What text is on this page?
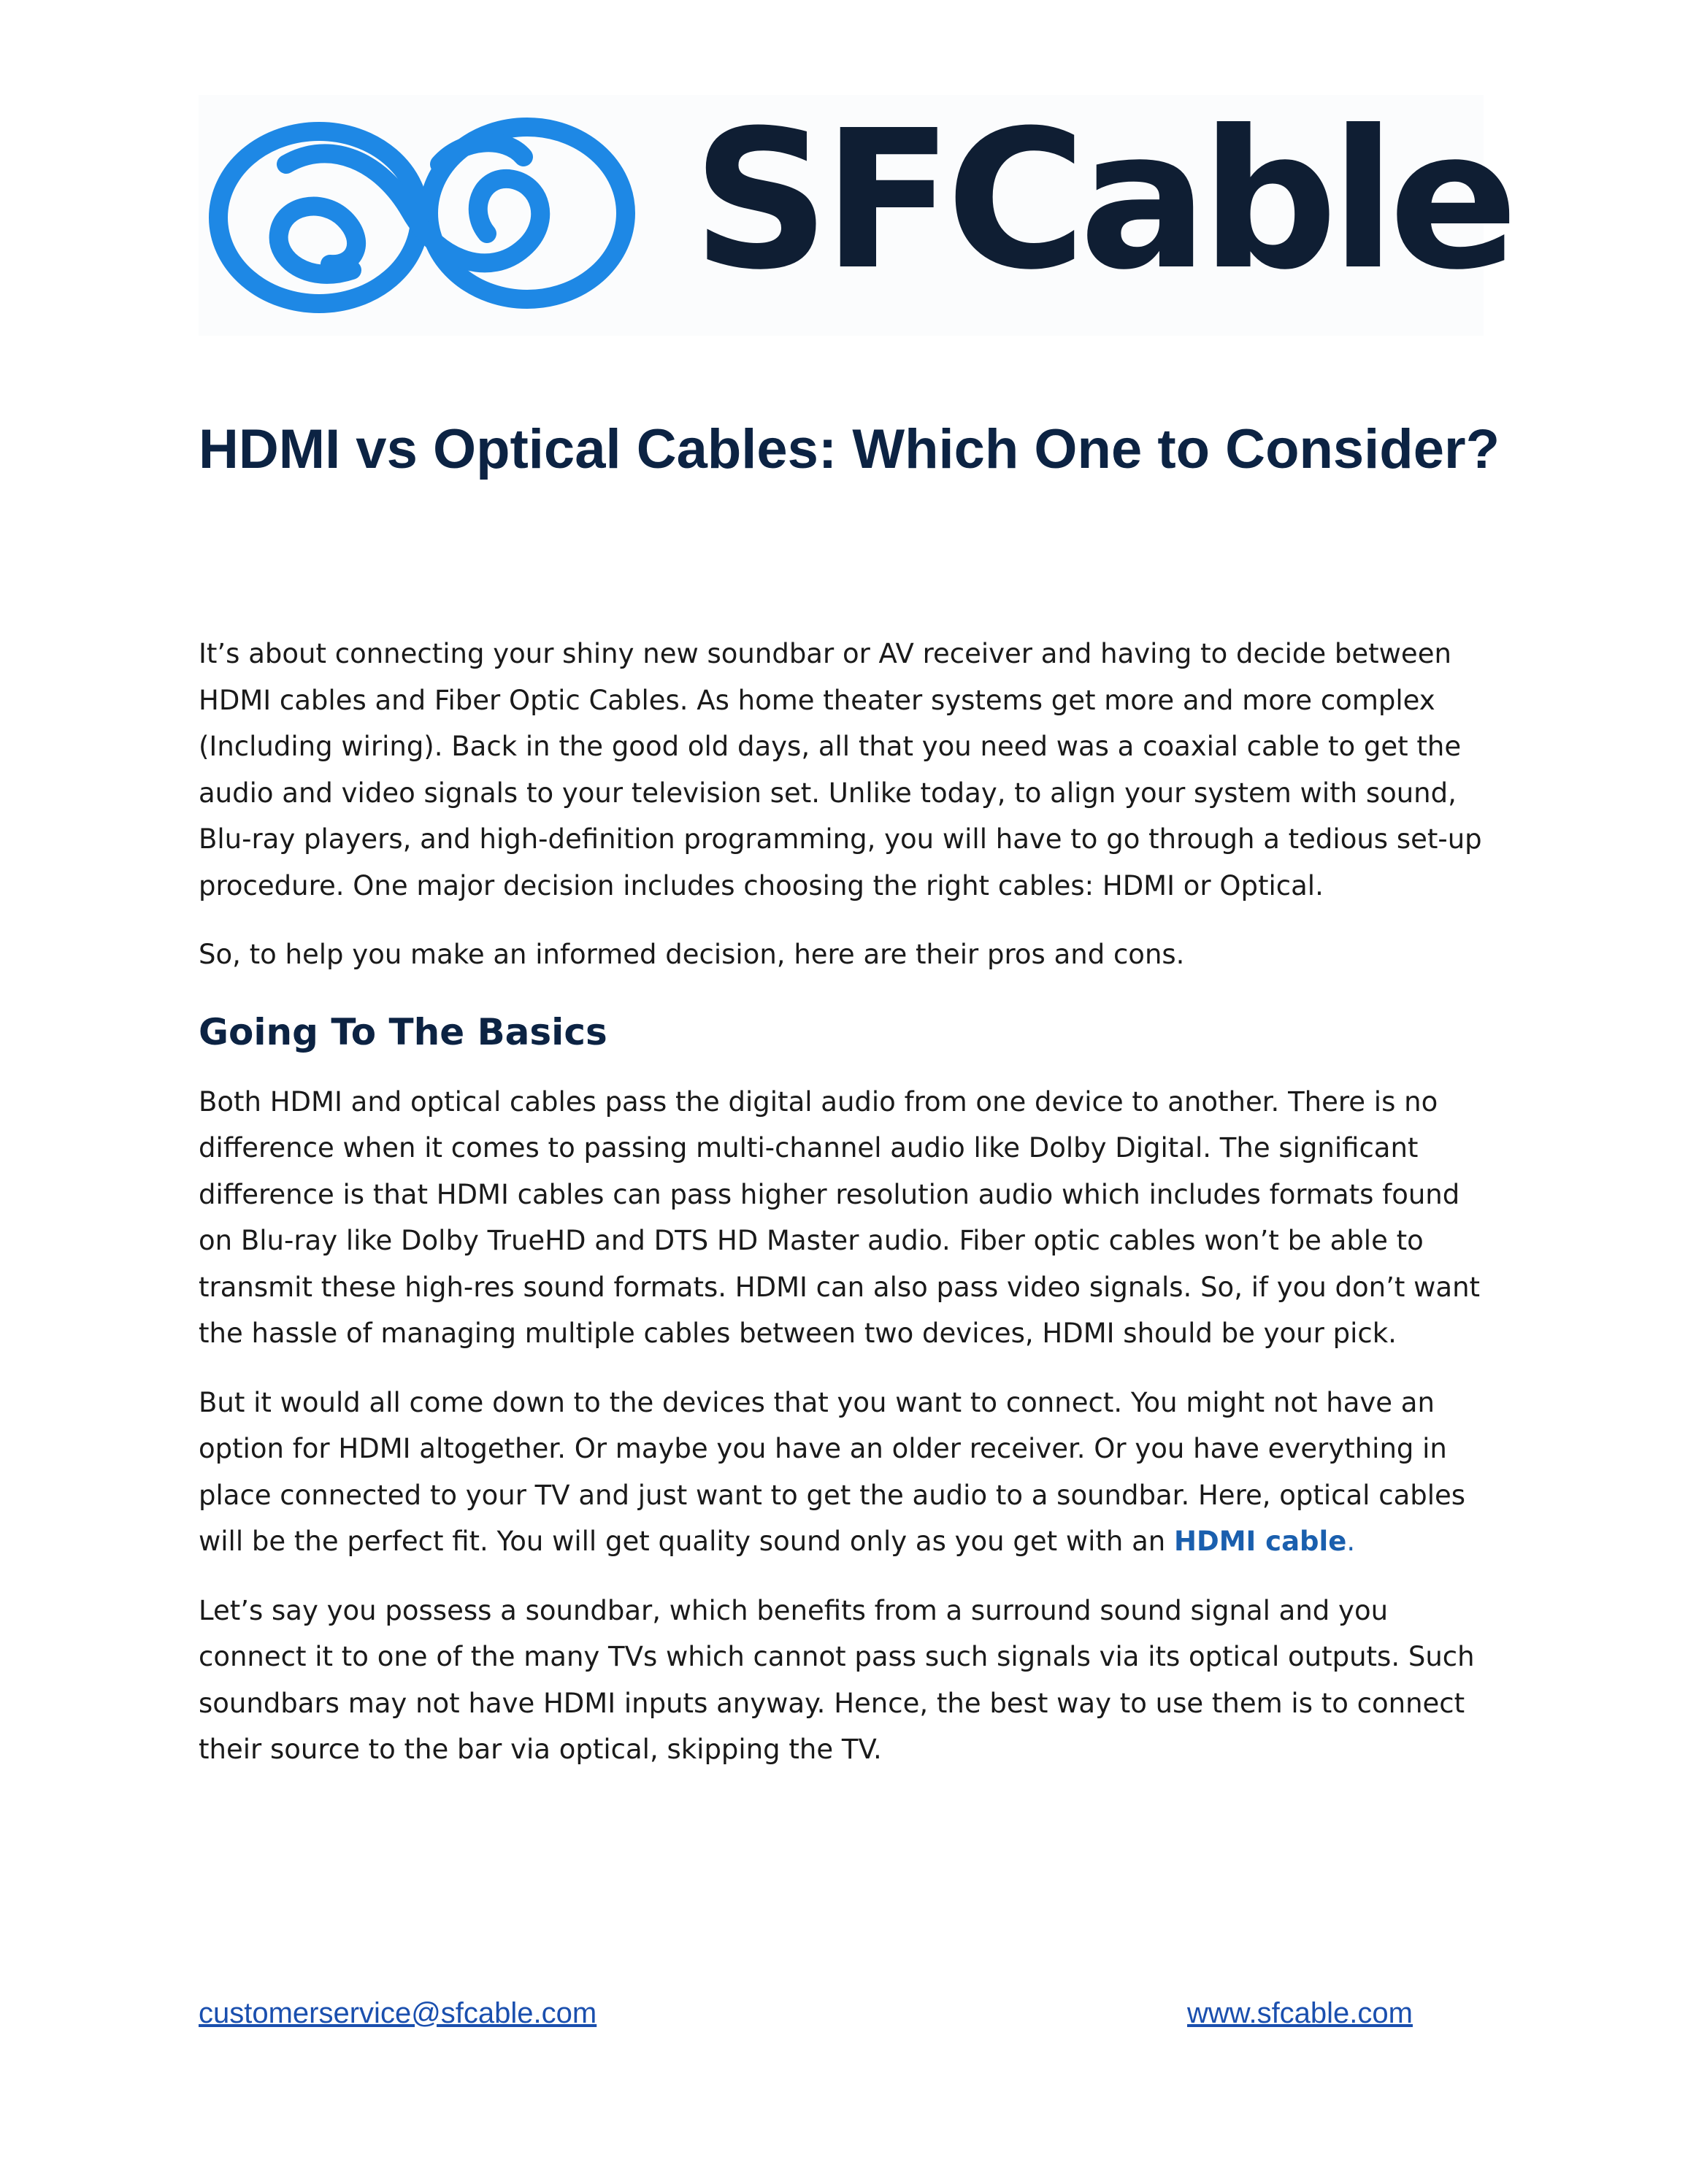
SFCable
HDMI vs Optical Cables: Which One to Consider?

It’s about connecting your shiny new soundbar or AV receiver and having to decide between HDMI cables and Fiber Optic Cables. As home theater systems get more and more complex (Including wiring). Back in the good old days, all that you need was a coaxial cable to get the audio and video signals to your television set. Unlike today, to align your system with sound, Blu-ray players, and high-definition programming, you will have to go through a tedious set-up procedure. One major decision includes choosing the right cables: HDMI or Optical.

So, to help you make an informed decision, here are their pros and cons.

Going To The Basics

Both HDMI and optical cables pass the digital audio from one device to another. There is no difference when it comes to passing multi-channel audio like Dolby Digital. The significant difference is that HDMI cables can pass higher resolution audio which includes formats found on Blu-ray like Dolby TrueHD and DTS HD Master audio. Fiber optic cables won’t be able to transmit these high-res sound formats. HDMI can also pass video signals. So, if you don’t want the hassle of managing multiple cables between two devices, HDMI should be your pick.

But it would all come down to the devices that you want to connect. You might not have an option for HDMI altogether. Or maybe you have an older receiver. Or you have everything in place connected to your TV and just want to get the audio to a soundbar. Here, optical cables will be the perfect fit. You will get quality sound only as you get with an HDMI cable.

Let’s say you possess a soundbar, which benefits from a surround sound signal and you connect it to one of the many TVs which cannot pass such signals via its optical outputs. Such soundbars may not have HDMI inputs anyway. Hence, the best way to use them is to connect their source to the bar via optical, skipping the TV.

customerservice@sfcable.com	www.sfcable.com
